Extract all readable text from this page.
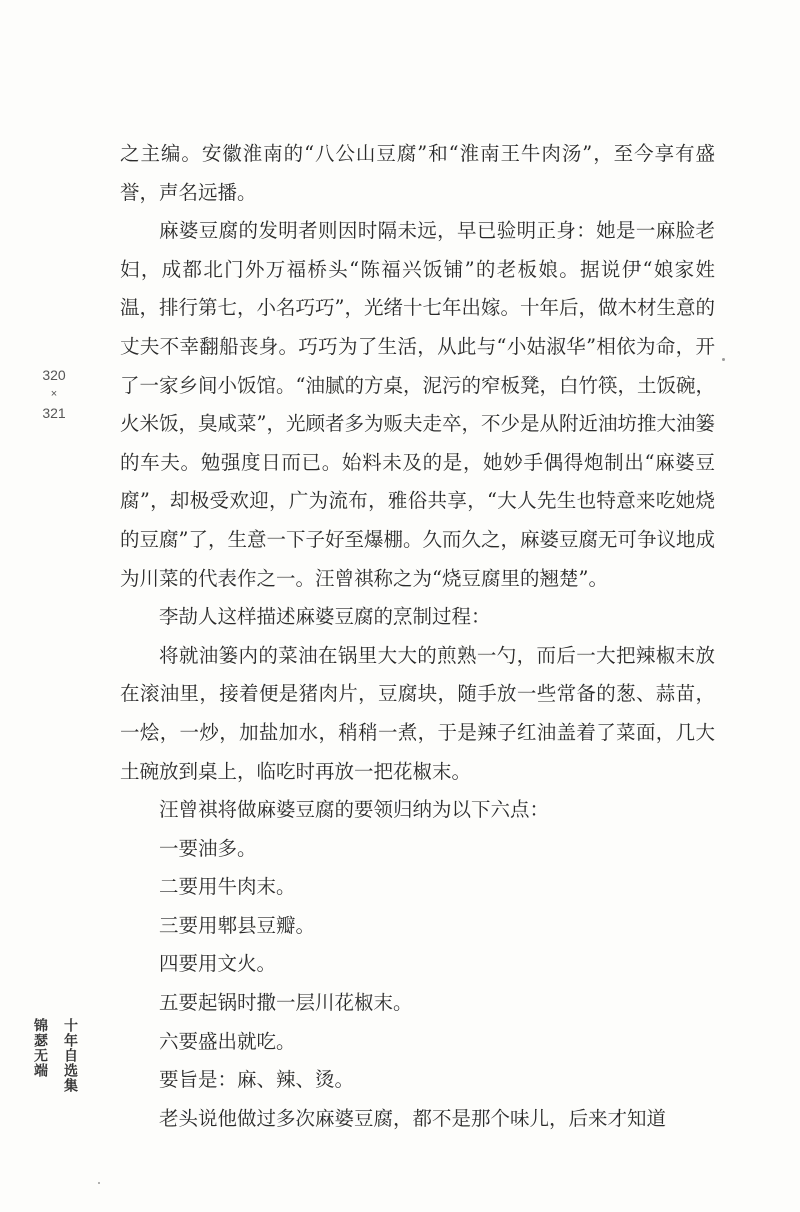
320
×
321

之主编。安徽淮南的“八公山豆腐”和“淮南王牛肉汤”，至今享有盛誉，声名远播。

麻婆豆腐的发明者则因时隔未远，早已验明正身：她是一麻脸老妇，成都北门外万福桥头“陈福兴饭铺”的老板娘。据说伊“娘家姓温，排行第七，小名巧巧”，光绪十七年出嫁。十年后，做木材生意的丈夫不幸翻船丧身。巧巧为了生活，从此与“小姑淑华”相依为命，开了一家乡间小饭馆。“油腻的方桌，泥污的窄板凳，白竹筷，土饭碗，火米饭，臭咸菜”，光顾者多为贩夫走卒，不少是从附近油坊推大油篓的车夫。勉强度日而已。始料未及的是，她妙手偶得炮制出“麻婆豆腐”，却极受欢迎，广为流布，雅俗共享，“大人先生也特意来吃她烧的豆腐”了，生意一下子好至爆棚。久而久之，麻婆豆腐无可争议地成为川菜的代表作之一。汪曾祺称之为“烧豆腐里的翘楚”。

李劼人这样描述麻婆豆腐的烹制过程：

将就油篓内的菜油在锅里大大的煎熟一勺，而后一大把辣椒末放在滚油里，接着便是猪肉片，豆腐块，随手放一些常备的葱、蒜苗，一烩，一炒，加盐加水，稍稍一煮，于是辣子红油盖着了菜面，几大土碗放到桌上，临吃时再放一把花椒末。

汪曾祺将做麻婆豆腐的要领归纳为以下六点：

一要油多。

二要用牛肉末。

三要用郫县豆瓣。

四要用文火。

五要起锅时撒一层川花椒末。

六要盛出就吃。

要旨是：麻、辣、烫。

老头说他做过多次麻婆豆腐，都不是那个味儿，后来才知道

锦瑟无端 十年自选集
